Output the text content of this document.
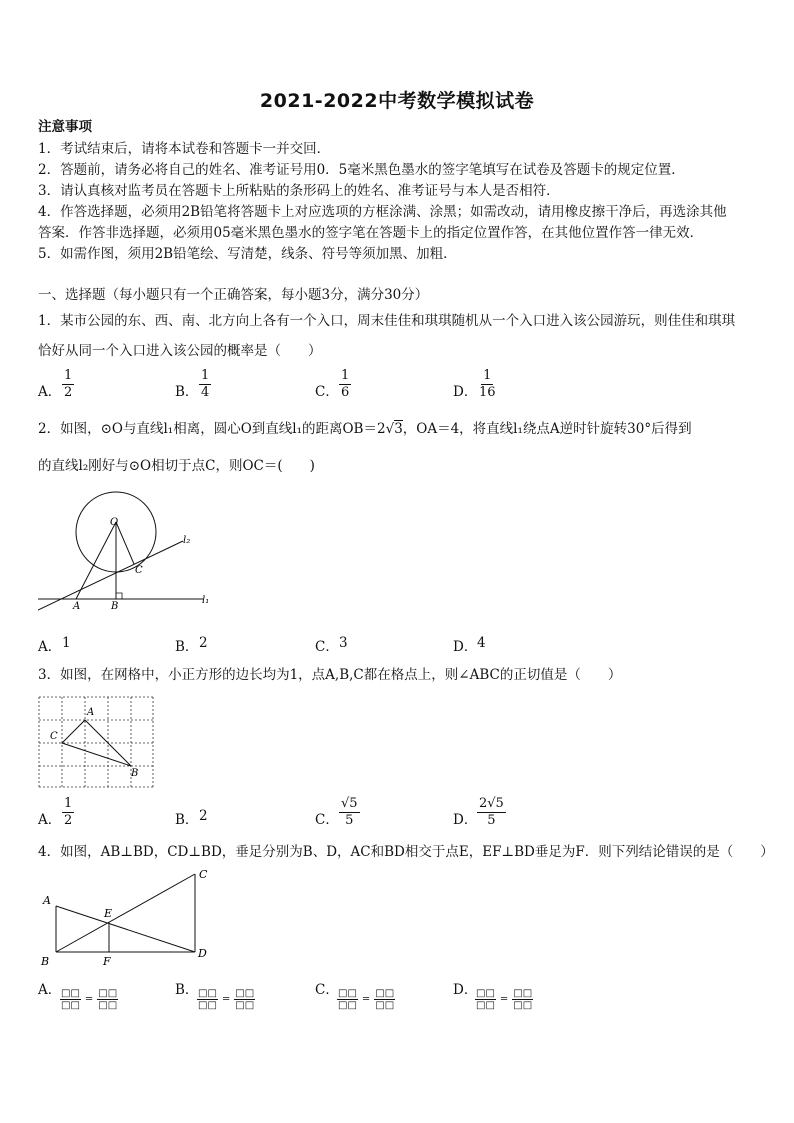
2021-2022中考数学模拟试卷
注意事项
1．考试结束后，请将本试卷和答题卡一并交回．
2．答题前，请务必将自己的姓名、准考证号用0．5毫米黑色墨水的签字笔填写在试卷及答题卡的规定位置．
3．请认真核对监考员在答题卡上所粘贴的条形码上的姓名、准考证号与本人是否相符．
4．作答选择题，必须用2B铅笔将答题卡上对应选项的方框涂满、涂黑；如需改动，请用橡皮擦干净后，再选涂其他
答案．作答非选择题，必须用05毫米黑色墨水的签字笔在答题卡上的指定位置作答，在其他位置作答一律无效．
5．如需作图，须用2B铅笔绘、写清楚，线条、符号等须加黑、加粗．
一、选择题（每小题只有一个正确答案，每小题3分，满分30分）
1．某市公园的东、西、南、北方向上各有一个入口，周末佳佳和琪琪随机从一个入口进入该公园游玩，则佳佳和琪琪
恰好从同一个入口进入该公园的概率是（　　）
A． $\frac{1}{2}$	B． $\frac{1}{4}$	C． $\frac{1}{6}$	D． $\frac{1}{16}$
2．如图，⊙O与直线l₁相离，圆心O到直线l₁的距离OB＝2√3，OA＝4，将直线l₁绕点A逆时针旋转30°后得到
的直线l₂刚好与⊙O相切于点C，则OC＝(　　)
O
C
A	B
l₁
l₂
A． 1	B． 2	C． 3	D． 4
3．如图，在网格中，小正方形的边长均为1，点A,B,C都在格点上，则∠ABC的正切值是（　　）
A
B
C
A． $\frac{1}{2}$	B． 2	C． $\frac{√5}{5}$	D． $\frac{2√5}{5}$
4．如图，AB⊥BD，CD⊥BD，垂足分别为B、D，AC和BD相交于点E，EF⊥BD垂足为F．则下列结论错误的是（　　）
A
B
C
D
E
F
A． □□
□□
=
□□
□□
B． □□
□□
=
□□
□□
C． □□
□□
=
□□
□□
D．
□□
□□
=
□□
□□
